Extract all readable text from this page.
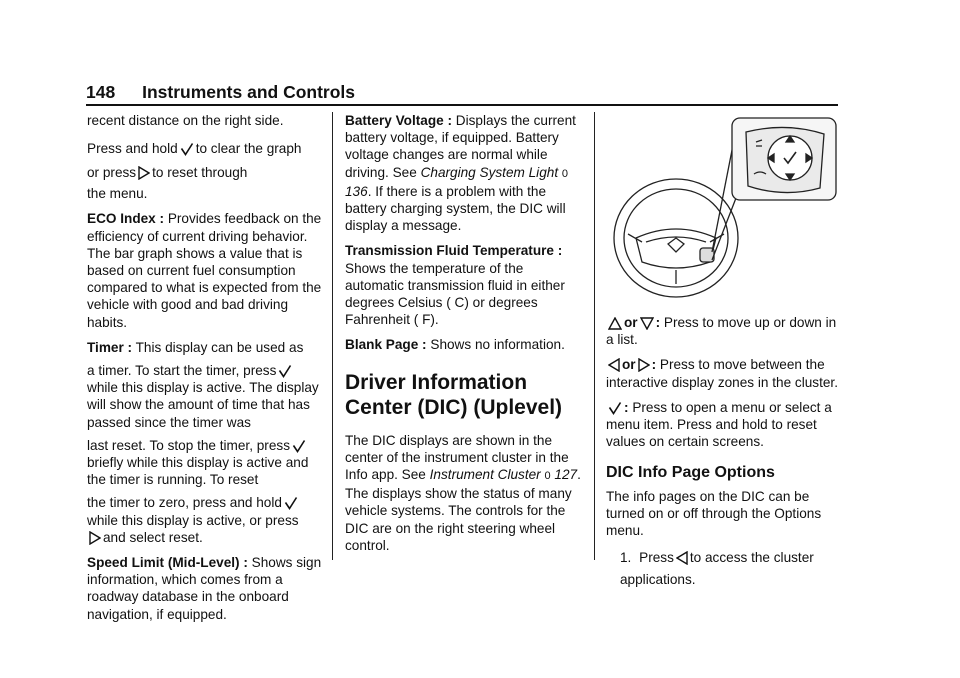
148 Instruments and Controls

recent distance on the right side.

Press and hold to clear the graph

or press to reset through

the menu.

ECO Index : Provides feedback on the efficiency of current driving behavior. The bar graph shows a value that is based on current fuel consumption compared to what is expected from the vehicle with good and bad driving habits.

Timer : This display can be used as
a timer. To start the timer, press

while this display is active. The display will show the amount of time that has passed since the timer was
last reset. To stop the timer, press

briefly while this display is active and the timer is running. To reset
the timer to zero, press and hold

while this display is active, or press

and select reset.

Speed Limit (Mid-Level) : Shows sign information, which comes from a roadway database in the onboard navigation, if equipped.

Battery Voltage : Displays the current battery voltage, if equipped. Battery voltage changes are normal while driving. See Charging System Light 0 136. If there is a problem with the battery charging system, the DIC will display a message.

Transmission Fluid Temperature : Shows the temperature of the automatic transmission fluid in either degrees Celsius ( C) or degrees Fahrenheit ( F).

Blank Page : Shows no information.

Driver Information Center (DIC) (Uplevel)

The DIC displays are shown in the center of the instrument cluster in the Info app. See Instrument Cluster 0 127. The displays show the status of many vehicle systems. The controls for the DIC are on the right steering wheel control.

or : Press to move up or down in a list.

or : Press to move between the interactive display zones in the cluster.

: Press to open a menu or select a menu item. Press and hold to reset values on certain screens.

DIC Info Page Options

The info pages on the DIC can be turned on or off through the Options menu.

1. Press to access the cluster applications.
